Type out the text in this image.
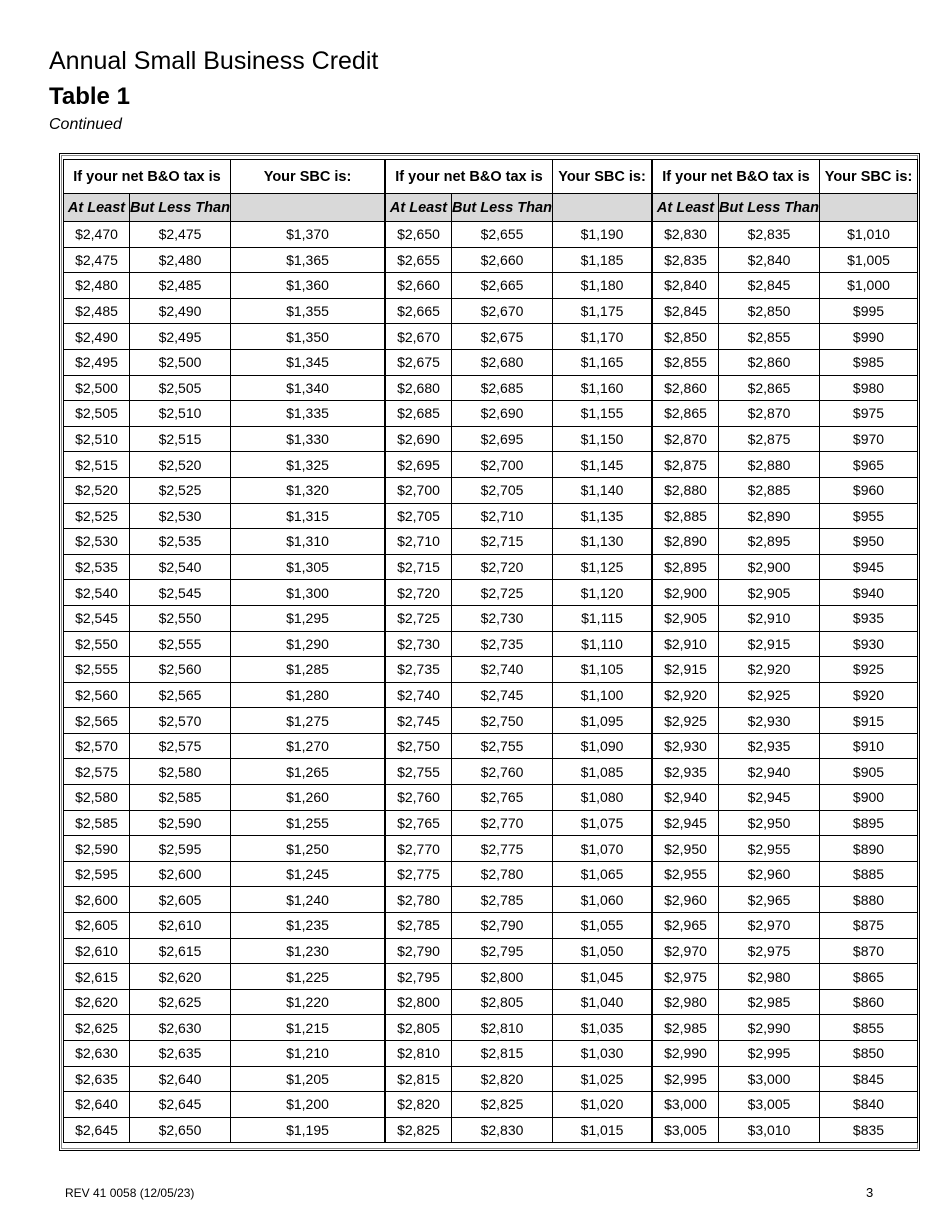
Annual Small Business Credit
Table 1
Continued
If your net B&O tax is		Your SBC is:
At Least	But Less Than	
$2,470	$2,475	$1,370
$2,475	$2,480	$1,365
$2,480	$2,485	$1,360
$2,485	$2,490	$1,355
$2,490	$2,495	$1,350
$2,495	$2,500	$1,345
$2,500	$2,505	$1,340
$2,505	$2,510	$1,335
$2,510	$2,515	$1,330
$2,515	$2,520	$1,325
$2,520	$2,525	$1,320
$2,525	$2,530	$1,315
$2,530	$2,535	$1,310
$2,535	$2,540	$1,305
$2,540	$2,545	$1,300
$2,545	$2,550	$1,295
$2,550	$2,555	$1,290
$2,555	$2,560	$1,285
$2,560	$2,565	$1,280
$2,565	$2,570	$1,275
$2,570	$2,575	$1,270
$2,575	$2,580	$1,265
$2,580	$2,585	$1,260
$2,585	$2,590	$1,255
$2,590	$2,595	$1,250
$2,595	$2,600	$1,245
$2,600	$2,605	$1,240
$2,605	$2,610	$1,235
$2,610	$2,615	$1,230
$2,615	$2,620	$1,225
$2,620	$2,625	$1,220
$2,625	$2,630	$1,215
$2,630	$2,635	$1,210
$2,635	$2,640	$1,205
$2,640	$2,645	$1,200
$2,645	$2,650	$1,195
If your net B&O tax is		Your SBC is:
At Least	But Less Than	
$2,650	$2,655	$1,190
$2,655	$2,660	$1,185
$2,660	$2,665	$1,180
$2,665	$2,670	$1,175
$2,670	$2,675	$1,170
$2,675	$2,680	$1,165
$2,680	$2,685	$1,160
$2,685	$2,690	$1,155
$2,690	$2,695	$1,150
$2,695	$2,700	$1,145
$2,700	$2,705	$1,140
$2,705	$2,710	$1,135
$2,710	$2,715	$1,130
$2,715	$2,720	$1,125
$2,720	$2,725	$1,120
$2,725	$2,730	$1,115
$2,730	$2,735	$1,110
$2,735	$2,740	$1,105
$2,740	$2,745	$1,100
$2,745	$2,750	$1,095
$2,750	$2,755	$1,090
$2,755	$2,760	$1,085
$2,760	$2,765	$1,080
$2,765	$2,770	$1,075
$2,770	$2,775	$1,070
$2,775	$2,780	$1,065
$2,780	$2,785	$1,060
$2,785	$2,790	$1,055
$2,790	$2,795	$1,050
$2,795	$2,800	$1,045
$2,800	$2,805	$1,040
$2,805	$2,810	$1,035
$2,810	$2,815	$1,030
$2,815	$2,820	$1,025
$2,820	$2,825	$1,020
$2,825	$2,830	$1,015
If your net B&O tax is		Your SBC is:
At Least	But Less Than	
$2,830	$2,835	$1,010
$2,835	$2,840	$1,005
$2,840	$2,845	$1,000
$2,845	$2,850	$995
$2,850	$2,855	$990
$2,855	$2,860	$985
$2,860	$2,865	$980
$2,865	$2,870	$975
$2,870	$2,875	$970
$2,875	$2,880	$965
$2,880	$2,885	$960
$2,885	$2,890	$955
$2,890	$2,895	$950
$2,895	$2,900	$945
$2,900	$2,905	$940
$2,905	$2,910	$935
$2,910	$2,915	$930
$2,915	$2,920	$925
$2,920	$2,925	$920
$2,925	$2,930	$915
$2,930	$2,935	$910
$2,935	$2,940	$905
$2,940	$2,945	$900
$2,945	$2,950	$895
$2,950	$2,955	$890
$2,955	$2,960	$885
$2,960	$2,965	$880
$2,965	$2,970	$875
$2,970	$2,975	$870
$2,975	$2,980	$865
$2,980	$2,985	$860
$2,985	$2,990	$855
$2,990	$2,995	$850
$2,995	$3,000	$845
$3,000	$3,005	$840
$3,005	$3,010	$835
REV 41 0058 (12/05/23)	3
